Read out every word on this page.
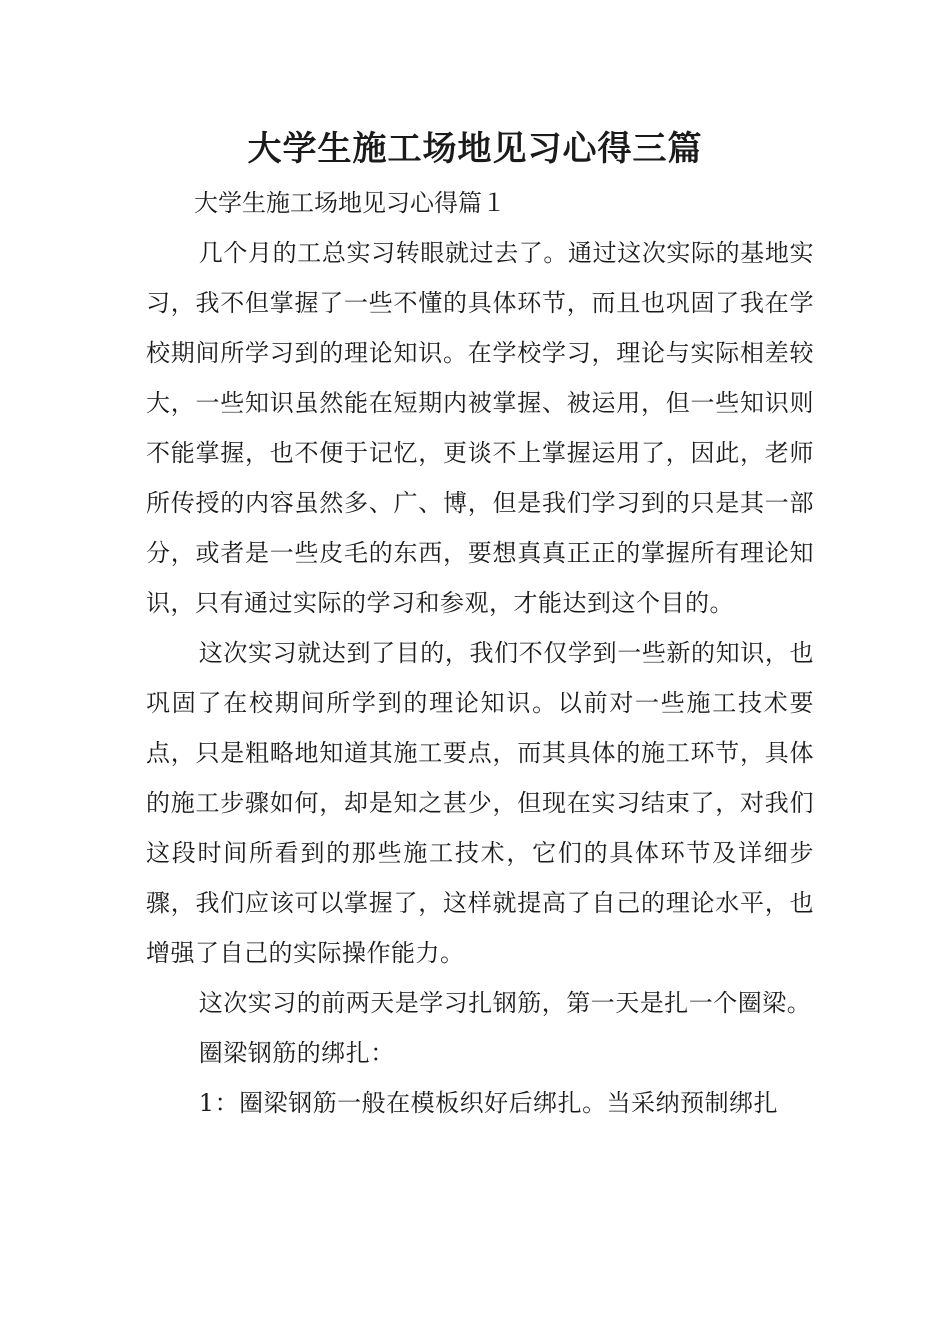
大学生施工场地见习心得三篇

大学生施工场地见习心得篇１

几个月的工总实习转眼就过去了。通过这次实际的基地实习，我不但掌握了一些不懂的具体环节，而且也巩固了我在学校期间所学习到的理论知识。在学校学习，理论与实际相差较大，一些知识虽然能在短期内被掌握、被运用，但一些知识则不能掌握，也不便于记忆，更谈不上掌握运用了，因此，老师所传授的内容虽然多、广、博，但是我们学习到的只是其一部分，或者是一些皮毛的东西，要想真真正正的掌握所有理论知识，只有通过实际的学习和参观，才能达到这个目的。

这次实习就达到了目的，我们不仅学到一些新的知识，也巩固了在校期间所学到的理论知识。以前对一些施工技术要点，只是粗略地知道其施工要点，而其具体的施工环节，具体的施工步骤如何，却是知之甚少，但现在实习结束了，对我们这段时间所看到的那些施工技术，它们的具体环节及详细步骤，我们应该可以掌握了，这样就提高了自己的理论水平，也增强了自己的实际操作能力。

这次实习的前两天是学习扎钢筋，第一天是扎一个圈梁。

圈梁钢筋的绑扎：

1：圈梁钢筋一般在模板织好后绑扎。当采纳预制绑扎
